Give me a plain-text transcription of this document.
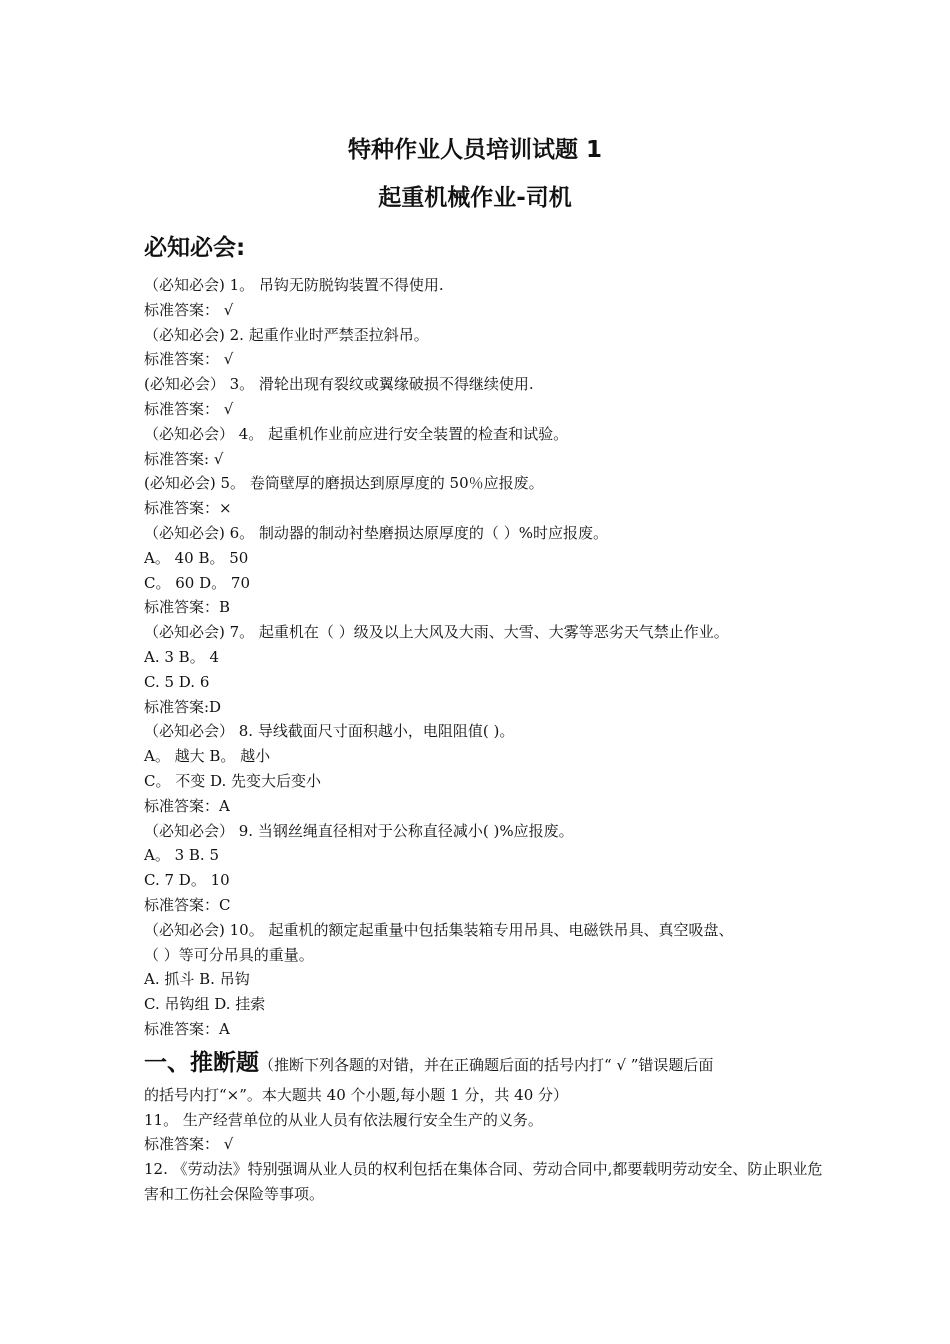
特种作业人员培训试题 1
起重机械作业-司机
必知必会:
（必知必会) 1。 吊钩无防脱钩装置不得使用.
标准答案： √
（必知必会) 2. 起重作业时严禁歪拉斜吊。
标准答案： √
(必知必会） 3。 滑轮出现有裂纹或翼缘破损不得继续使用.
标准答案： √
（必知必会） 4。 起重机作业前应进行安全装置的检查和试验。
标准答案: √
(必知必会) 5。 卷筒壁厚的磨损达到原厚度的 50％应报废。
标准答案：×
（必知必会) 6。 制动器的制动衬垫磨损达原厚度的（ ）%时应报废。
A。 40 B。 50
C。 60 D。 70
标准答案：B
（必知必会) 7。 起重机在（ ）级及以上大风及大雨、大雪、大雾等恶劣天气禁止作业。
A. 3 B。 4
C. 5 D. 6
标准答案:D
（必知必会） 8. 导线截面尺寸面积越小，电阻阻值( )。
A。 越大 B。 越小
C。 不变 D. 先变大后变小
标准答案：A
（必知必会） 9. 当钢丝绳直径相对于公称直径减小( )%应报废。
A。 3 B. 5
C. 7 D。 10
标准答案：C
（必知必会) 10。 起重机的额定起重量中包括集装箱专用吊具、电磁铁吊具、真空吸盘、
（ ）等可分吊具的重量。
A. 抓斗 B. 吊钩
C. 吊钩组 D. 挂索
标准答案：A
一、推断题（推断下列各题的对错，并在正确题后面的括号内打“ √ ”错误题后面
的括号内打“×”。本大题共 40 个小题,每小题 1 分，共 40 分）
11。 生产经营单位的从业人员有依法履行安全生产的义务。
标准答案： √
12. 《劳动法》特别强调从业人员的权利包括在集体合同、劳动合同中,都要载明劳动安全、防止职业危害和工伤社会保险等事项。
